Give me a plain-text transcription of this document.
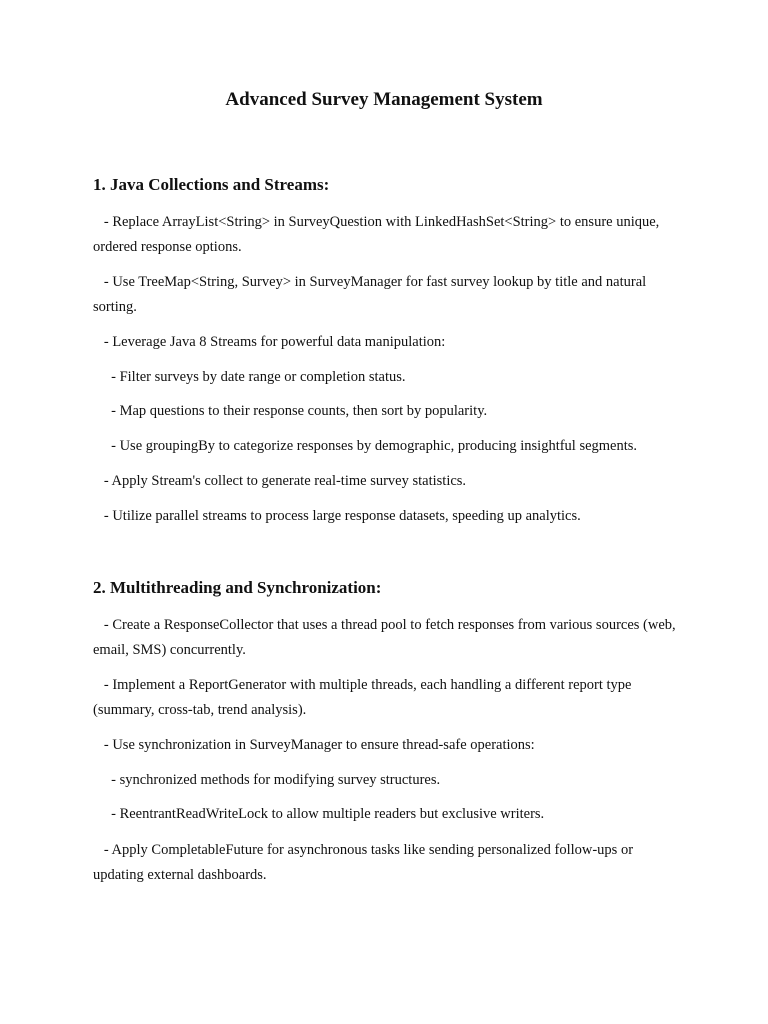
Advanced Survey Management System
1. Java Collections and Streams:

- Replace ArrayList<String> in SurveyQuestion with LinkedHashSet<String> to ensure unique, ordered response options.

- Use TreeMap<String, Survey> in SurveyManager for fast survey lookup by title and natural sorting.

- Leverage Java 8 Streams for powerful data manipulation:

- Filter surveys by date range or completion status.

- Map questions to their response counts, then sort by popularity.

- Use groupingBy to categorize responses by demographic, producing insightful segments.

- Apply Stream's collect to generate real-time survey statistics.

- Utilize parallel streams to process large response datasets, speeding up analytics.

2. Multithreading and Synchronization:

- Create a ResponseCollector that uses a thread pool to fetch responses from various sources (web, email, SMS) concurrently.

- Implement a ReportGenerator with multiple threads, each handling a different report type (summary, cross-tab, trend analysis).

- Use synchronization in SurveyManager to ensure thread-safe operations:

- synchronized methods for modifying survey structures.

- ReentrantReadWriteLock to allow multiple readers but exclusive writers.

- Apply CompletableFuture for asynchronous tasks like sending personalized follow-ups or updating external dashboards.
